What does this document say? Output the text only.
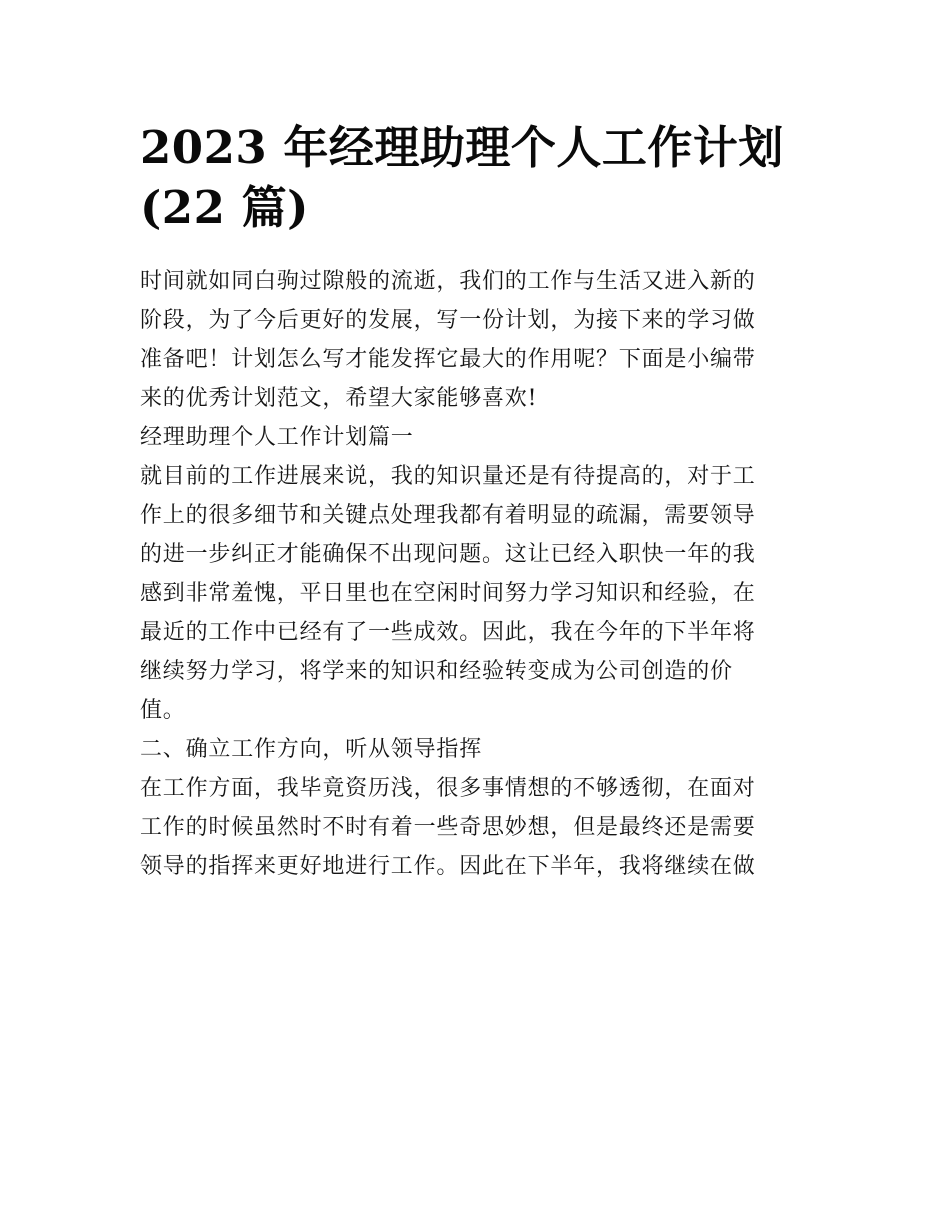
2023 年经理助理个人工作计划
(22 篇)

时间就如同白驹过隙般的流逝，我们的工作与生活又进入新的
阶段，为了今后更好的发展，写一份计划，为接下来的学习做
准备吧！计划怎么写才能发挥它最大的作用呢？下面是小编带
来的优秀计划范文，希望大家能够喜欢!

经理助理个人工作计划篇一

就目前的工作进展来说，我的知识量还是有待提高的，对于工
作上的很多细节和关键点处理我都有着明显的疏漏，需要领导
的进一步纠正才能确保不出现问题。这让已经入职快一年的我
感到非常羞愧，平日里也在空闲时间努力学习知识和经验，在
最近的工作中已经有了一些成效。因此，我在今年的下半年将
继续努力学习，将学来的知识和经验转变成为公司创造的价
值。

二、确立工作方向，听从领导指挥

在工作方面，我毕竟资历浅，很多事情想的不够透彻，在面对
工作的时候虽然时不时有着一些奇思妙想，但是最终还是需要
领导的指挥来更好地进行工作。因此在下半年，我将继续在做
